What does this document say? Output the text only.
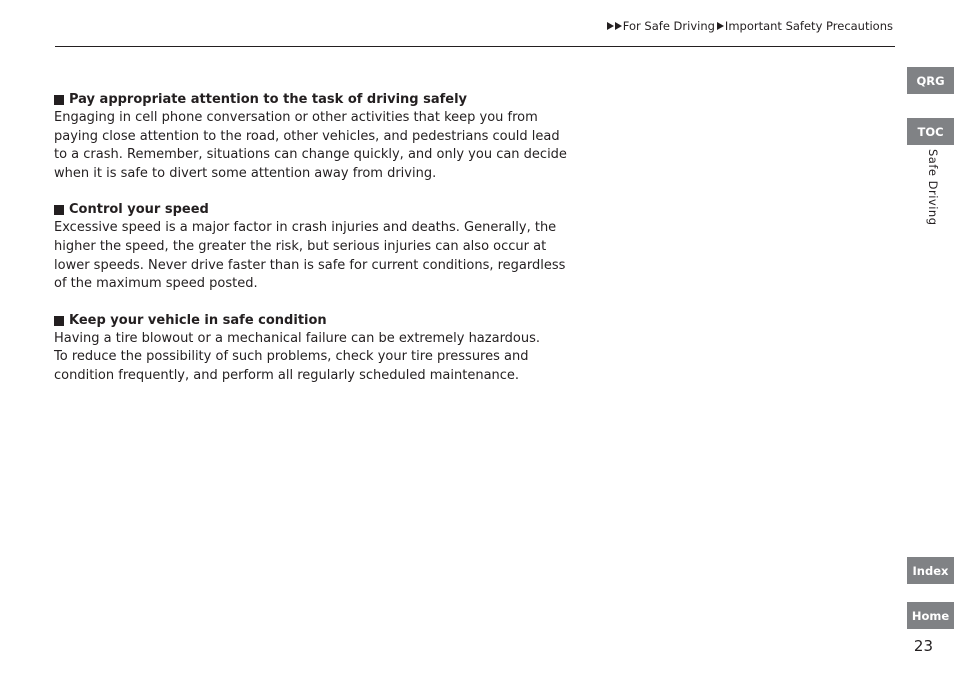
For Safe Driving Important Safety Precautions
Pay appropriate attention to the task of driving safely

Engaging in cell phone conversation or other activities that keep you from paying close attention to the road, other vehicles, and pedestrians could lead to a crash. Remember, situations can change quickly, and only you can decide when it is safe to divert some attention away from driving.

Control your speed

Excessive speed is a major factor in crash injuries and deaths. Generally, the higher the speed, the greater the risk, but serious injuries can also occur at lower speeds. Never drive faster than is safe for current conditions, regardless of the maximum speed posted.

Keep your vehicle in safe condition

Having a tire blowout or a mechanical failure can be extremely hazardous.

To reduce the possibility of such problems, check your tire pressures and condition frequently, and perform all regularly scheduled maintenance.

QRG
TOC
Safe Driving
Index
Home
23
